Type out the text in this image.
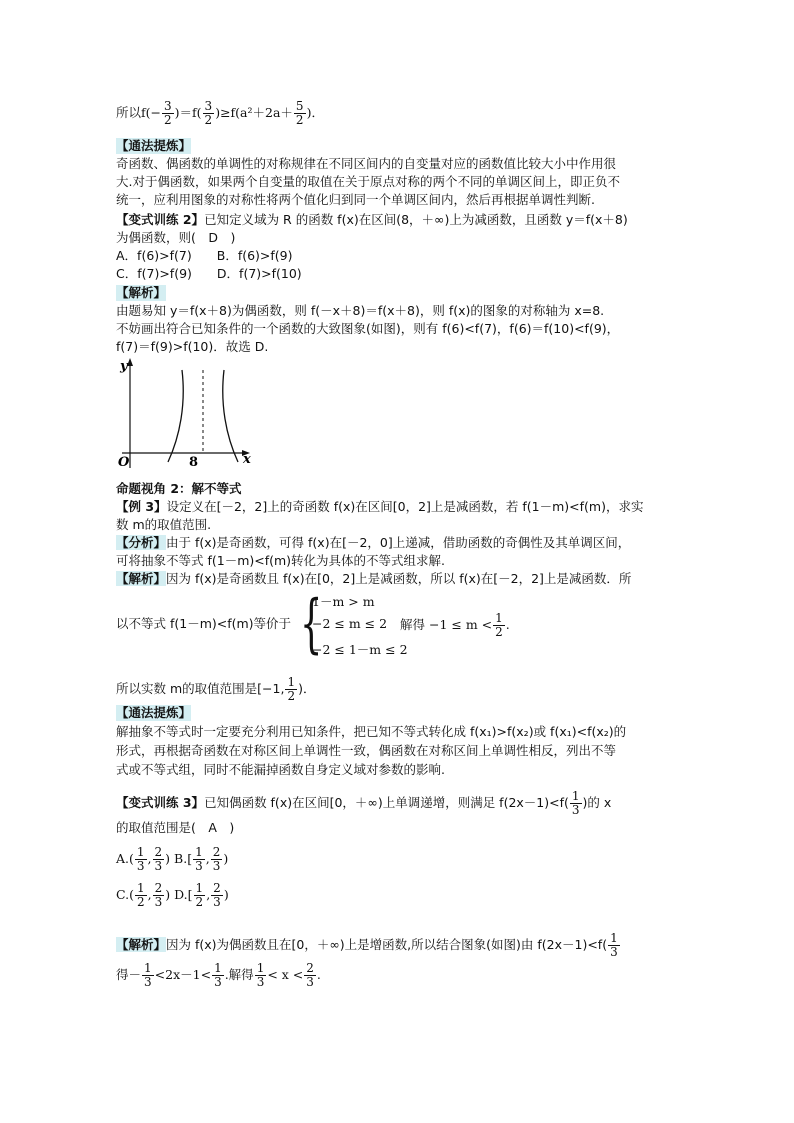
所以$f(- \frac{3}{2} )=f( \frac{3}{2} )\ge f(a^2+2a+ \frac{5}{2}$ )．
【通法提炼】
奇函数、偶函数的单调性的对称规律在不同区间内的自变量对应的函数值比较大小中作用很
大.对于偶函数，如果两个自变量的取值在关于原点对称的两个不同的单调区间上，即正负不
统一，应利用图象的对称性将两个值化归到同一个单调区间内，然后再根据单调性判断.
【变式训练 2】已知定义域为 R 的函数 f(x)在区间(8，＋∞)上为减函数，且函数 y＝f(x＋8)
为偶函数，则(　D　)
A．f(6)>f(7)　　B．f(6)>f(9)
C．f(7)>f(9)　　D．f(7)>f(10)
【解析】
由题易知 y＝f(x＋8)为偶函数，则 f(－x＋8)＝f(x＋8)，则 f(x)的图象的对称轴为 x=8.
不妨画出符合已知条件的一个函数的大致图象(如图)，则有 f(6)<f(7)，f(6)＝f(10)<f(9)，
f(7)＝f(9)>f(10)．故选 D.
y
x
O	8
命题视角 2：解不等式
【例 3】设定义在[－2，2]上的奇函数 f(x)在区间[0，2]上是减函数，若 f(1－m)<f(m)，求实
数 m的取值范围.
【分析】由于 f(x)是奇函数，可得 f(x)在[－2，0]上递减，借助函数的奇偶性及其单调区间，
可将抽象不等式 f(1－m)<f(m)转化为具体的不等式组求解.
【解析】因为 f(x)是奇函数且 f(x)在[0，2]上是减函数，所以 f(x)在[－2，2]上是减函数．所
以不等式 f(1－m)<f(m)等价于 {
1－m > m
−2 ≤ m ≤ 2
−2 ≤ 1－m ≤ 2
解得 $-1 \le m < \frac{1}{2}$ .
所以实数 m的取值范围是[−1, $\frac{1}{2}$ )．
【通法提炼】
解抽象不等式时一定要充分利用已知条件，把已知不等式转化成 f(x₁)>f(x₂)或 f(x₁)<f(x₂)的
形式，再根据奇函数在对称区间上单调性一致，偶函数在对称区间上单调性相反，列出不等
式或不等式组，同时不能漏掉函数自身定义域对参数的影响.
【变式训练 3】已知偶函数 f(x)在区间[0，＋∞)上单调递增，则满足 $f(2x-1)<f( \frac{1}{3}$ )的 x
的取值范围是(　A　)
$A.( \frac{1}{3}$ , $\frac{2}{3}$ ) $B.[ \frac{1}{3}$ , $\frac{2}{3}$ )
$C.( \frac{1}{2}$ , $\frac{2}{3}$ ) $D.[ \frac{1}{2}$ , $\frac{2}{3}$ )
【解析】因为 f(x)为偶函数且在[0，＋∞)上是增函数,所以结合图象(如图)由 $f(2x-1)<f( \frac{1}{3}$
得－ $\frac{1}{3} <2x-1< \frac{1}{3}$ .解得 $\frac{1}{3} < x < \frac{2}{3}$ .
